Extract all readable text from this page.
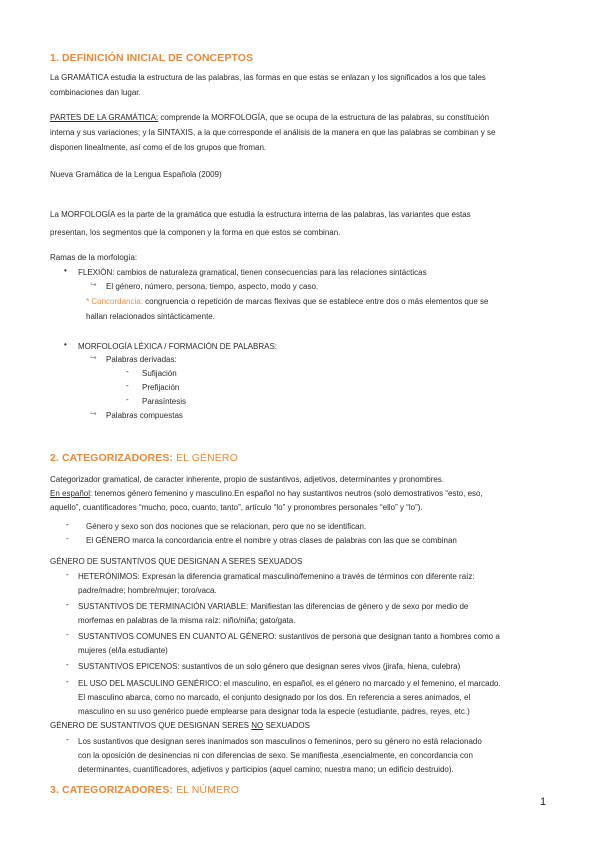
1. DEFINICIÓN INICIAL DE CONCEPTOS
La GRAMÁTICA estudia la estructura de las palabras, las formas en que estas se enlazan y los significados a los que tales
combinaciones dan lugar.
PARTES DE LA GRAMÁTICA: comprende la MORFOLOGÍA, que se ocupa de la estructura de las palabras, su constitución
interna y sus variaciones; y la SINTAXIS, a la que corresponde el análisis de la manera en que las palabras se combinan y se
disponen linealmente, así como el de los grupos que froman.
Nueva Gramática de la Lengua Española (2009)
La MORFOLOGÍA es la parte de la gramática que estudia la estructura interna de las palabras, las variantes que estas
presentan, los segmentos que la componen y la forma en que estos se combinan.
Ramas de la morfología:
• FLEXIÓN: cambios de naturaleza gramatical, tienen consecuencias para las relaciones sintácticas
↪ El género, número, persona, tiempo, aspecto, modo y caso.
* Concordancia: congruencia o repetición de marcas flexivas que se establece entre dos o más elementos que se
hallan relacionados sintácticamente.
• MORFOLOGÍA LÉXICA / FORMACIÓN DE PALABRAS:
↪ Palabras derivadas:
- Sufijación
- Prefijación
- Parasíntesis
↪ Palabras compuestas
2. CATEGORIZADORES: EL GÉNERO
Categorizador gramatical, de caracter inherente, propio de sustantivos, adjetivos, determinantes y pronombres.
En español: tenemos género femenino y masculino.En español no hay sustantivos neutros (solo demostrativos “esto, eso,
aquello”, cuantificadores “mucho, poco, cuanto, tanto”, artículo “lo” y pronombres personales “ello” y “lo”).
- Género y sexo son dos nociones que se relacionan, pero que no se identifican.
- El GÉNERO marca la concordancia entre el nombre y otras clases de palabras con las que se combinan
GÉNERO DE SUSTANTIVOS QUE DESIGNAN A SERES SEXUADOS
- HETERÓNIMOS: Expresan la diferencia gramatical masculino/femenino a través de términos con diferente raíz:
padre/madre; hombre/mujer; toro/vaca.
- SUSTANTIVOS DE TERMINACIÓN VARIABLE: Manifiestan las diferencias de género y de sexo por medio de
morfemas en palabras de la misma raíz: niño/niña; gato/gata.
- SUSTANTIVOS COMUNES EN CUANTO AL GÉNERO: sustantivos de persona que designan tanto a hombres como a
mujeres (el/la estudiante)
- SUSTANTIVOS EPICENOS: sustantivos de un solo género que designan seres vivos (jirafa, hiena, culebra)
- EL USO DEL MASCULINO GENÉRICO: el masculino, en español, es el género no marcado y el femenino, el marcado.
El masculino abarca, como no marcado, el conjunto designado por los dos. En referencia a seres animados, el
masculino en su uso genérico puede emplearse para designar toda la especie (estudiante, padres, reyes, etc.)
GÉNERO DE SUSTANTIVOS QUE DESIGNAN SERES NO SEXUADOS
- Los sustantivos que designan seres inanimados son masculinos o femeninos, pero su género no está relacionado
con la oposición de desinencias ni con diferencias de sexo. Se manifiesta ,esencialmente, en concordancia con
determinantes, cuantificadores, adjetivos y participios (aquel camino; nuestra mano; un edificio destruido).
3. CATEGORIZADORES: EL NÚMERO
1
